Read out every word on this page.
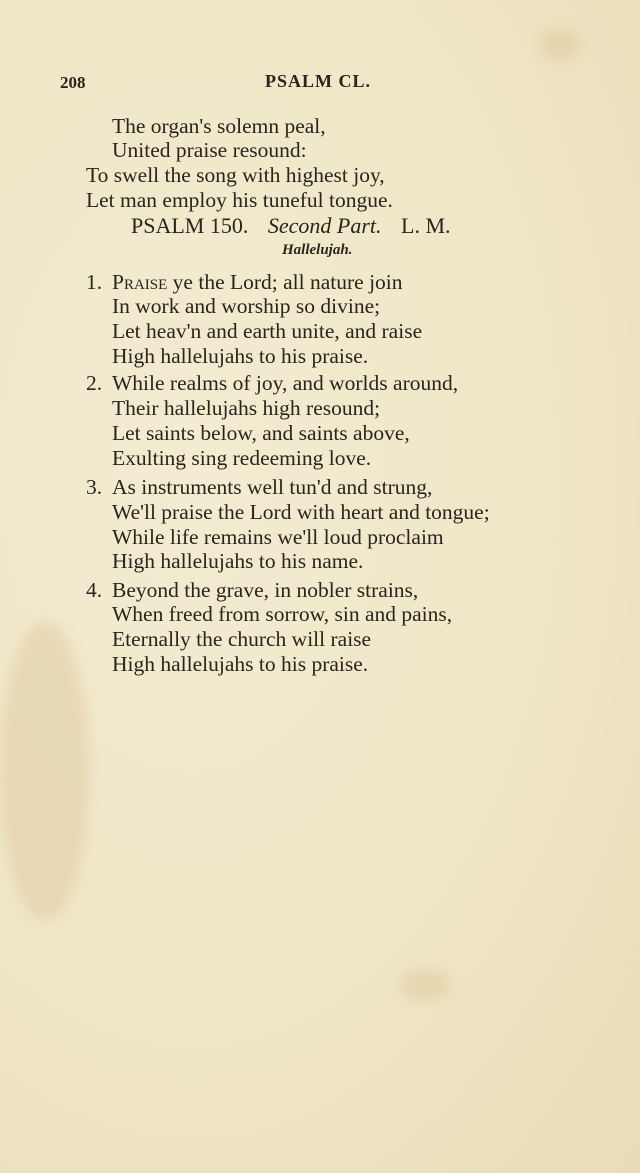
208	PSALM CL.
The organ's solemn peal,
United praise resound:
To swell the song with highest joy,
Let man employ his tuneful tongue.
PSALM 150. Second Part. L. M.
Hallelujah.
1. Praise ye the Lord; all nature join
In work and worship so divine;
Let heav'n and earth unite, and raise
High hallelujahs to his praise.
2. While realms of joy, and worlds around,
Their hallelujahs high resound;
Let saints below, and saints above,
Exulting sing redeeming love.
3. As instruments well tun'd and strung,
We'll praise the Lord with heart and tongue;
While life remains we'll loud proclaim
High hallelujahs to his name.
4. Beyond the grave, in nobler strains,
When freed from sorrow, sin and pains,
Eternally the church will raise
High hallelujahs to his praise.
